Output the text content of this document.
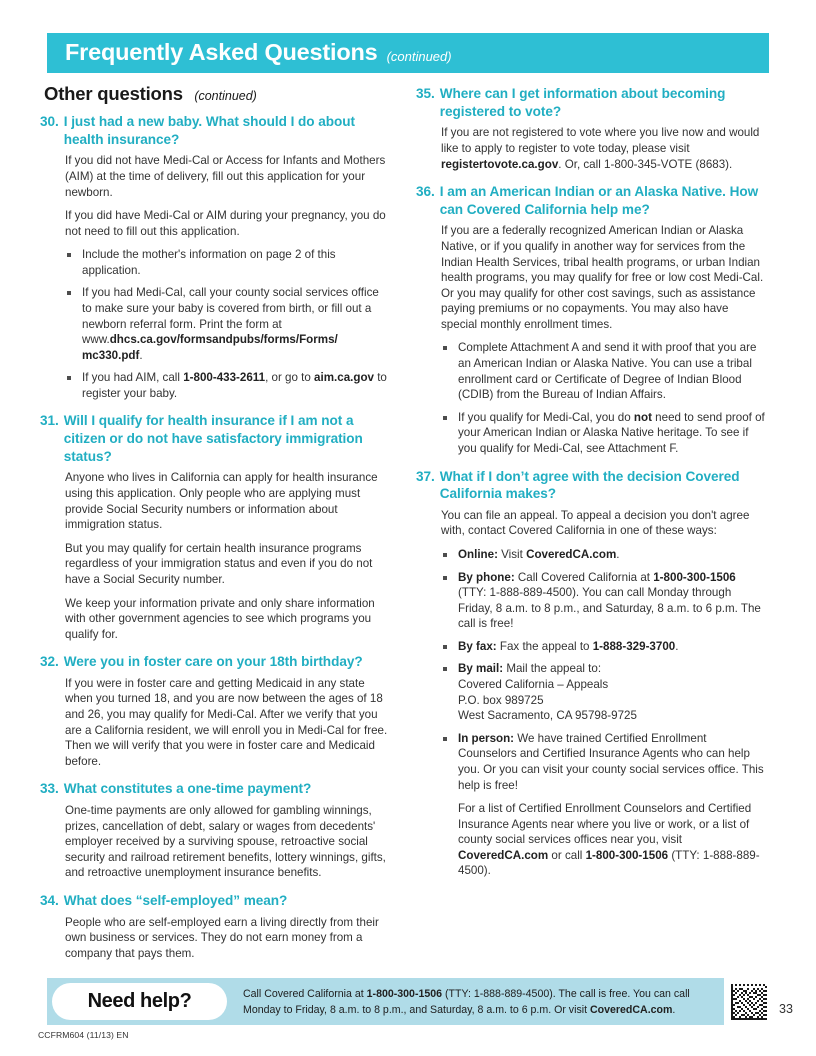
Frequently Asked Questions (continued)
Other questions (continued)
30. I just had a new baby. What should I do about health insurance?

If you did not have Medi-Cal or Access for Infants and Mothers (AIM) at the time of delivery, fill out this application for your newborn.

If you did have Medi-Cal or AIM during your pregnancy, you do not need to fill out this application.

Include the mother's information on page 2 of this application.
If you had Medi-Cal, call your county social services office to make sure your baby is covered from birth, or fill out a newborn referral form. Print the form at www.dhcs.ca.gov/formsandpubs/forms/Forms/ mc330.pdf.
If you had AIM, call 1-800-433-2611, or go to aim.ca.gov to register your baby.
31. Will I qualify for health insurance if I am not a citizen or do not have satisfactory immigration status?

Anyone who lives in California can apply for health insurance using this application. Only people who are applying must provide Social Security numbers or information about immigration status.

But you may qualify for certain health insurance programs regardless of your immigration status and even if you do not have a Social Security number.

We keep your information private and only share information with other government agencies to see which programs you qualify for.

32. Were you in foster care on your 18th birthday?

If you were in foster care and getting Medicaid in any state when you turned 18, and you are now between the ages of 18 and 26, you may qualify for Medi-Cal. After we verify that you are a California resident, we will enroll you in Medi-Cal for free. Then we will verify that you were in foster care and Medicaid before.

33. What constitutes a one-time payment?

One-time payments are only allowed for gambling winnings, prizes, cancellation of debt, salary or wages from decedents' employer received by a surviving spouse, retroactive social security and railroad retirement benefits, lottery winnings, gifts, and retroactive unemployment insurance benefits.

34. What does “self-employed” mean?

People who are self-employed earn a living directly from their own business or services. They do not earn money from a company that pays them.

35. Where can I get information about becoming registered to vote?

If you are not registered to vote where you live now and would like to apply to register to vote today, please visit registertovote.ca.gov. Or, call 1-800-345-VOTE (8683).

36. I am an American Indian or an Alaska Native. How can Covered California help me?

If you are a federally recognized American Indian or Alaska Native, or if you qualify in another way for services from the Indian Health Services, tribal health programs, or urban Indian health programs, you may qualify for free or low cost Medi-Cal. Or you may qualify for other cost savings, such as assistance paying premiums or no copayments. You may also have special monthly enrollment times.

Complete Attachment A and send it with proof that you are an American Indian or Alaska Native. You can use a tribal enrollment card or Certificate of Degree of Indian Blood (CDIB) from the Bureau of Indian Affairs.
If you qualify for Medi-Cal, you do not need to send proof of your American Indian or Alaska Native heritage. To see if you qualify for Medi-Cal, see Attachment F.
37. What if I don’t agree with the decision Covered California makes?

You can file an appeal. To appeal a decision you don't agree with, contact Covered California in one of these ways:

Online: Visit CoveredCA.com.
By phone: Call Covered California at 1-800-300-1506 (TTY: 1-888-889-4500). You can call Monday through Friday, 8 a.m. to 8 p.m., and Saturday, 8 a.m. to 6 p.m. The call is free!
By fax: Fax the appeal to 1-888-329-3700.
By mail: Mail the appeal to:
Covered California – Appeals
P.O. box 989725
West Sacramento, CA 95798-9725
In person: We have trained Certified Enrollment Counselors and Certified Insurance Agents who can help you. Or you can visit your county social services office. This help is free!
For a list of Certified Enrollment Counselors and Certified Insurance Agents near where you live or work, or a list of county social services offices near you, visit CoveredCA.com or call 1-800-300-1506 (TTY: 1-888-889-4500).
Need help?	Call Covered California at 1-800-300-1506 (TTY: 1-888-889-4500). The call is free. You can call Monday to Friday, 8 a.m. to 8 p.m., and Saturday, 8 a.m. to 6 p.m. Or visit CoveredCA.com.
CCFRM604 (11/13) EN
33
